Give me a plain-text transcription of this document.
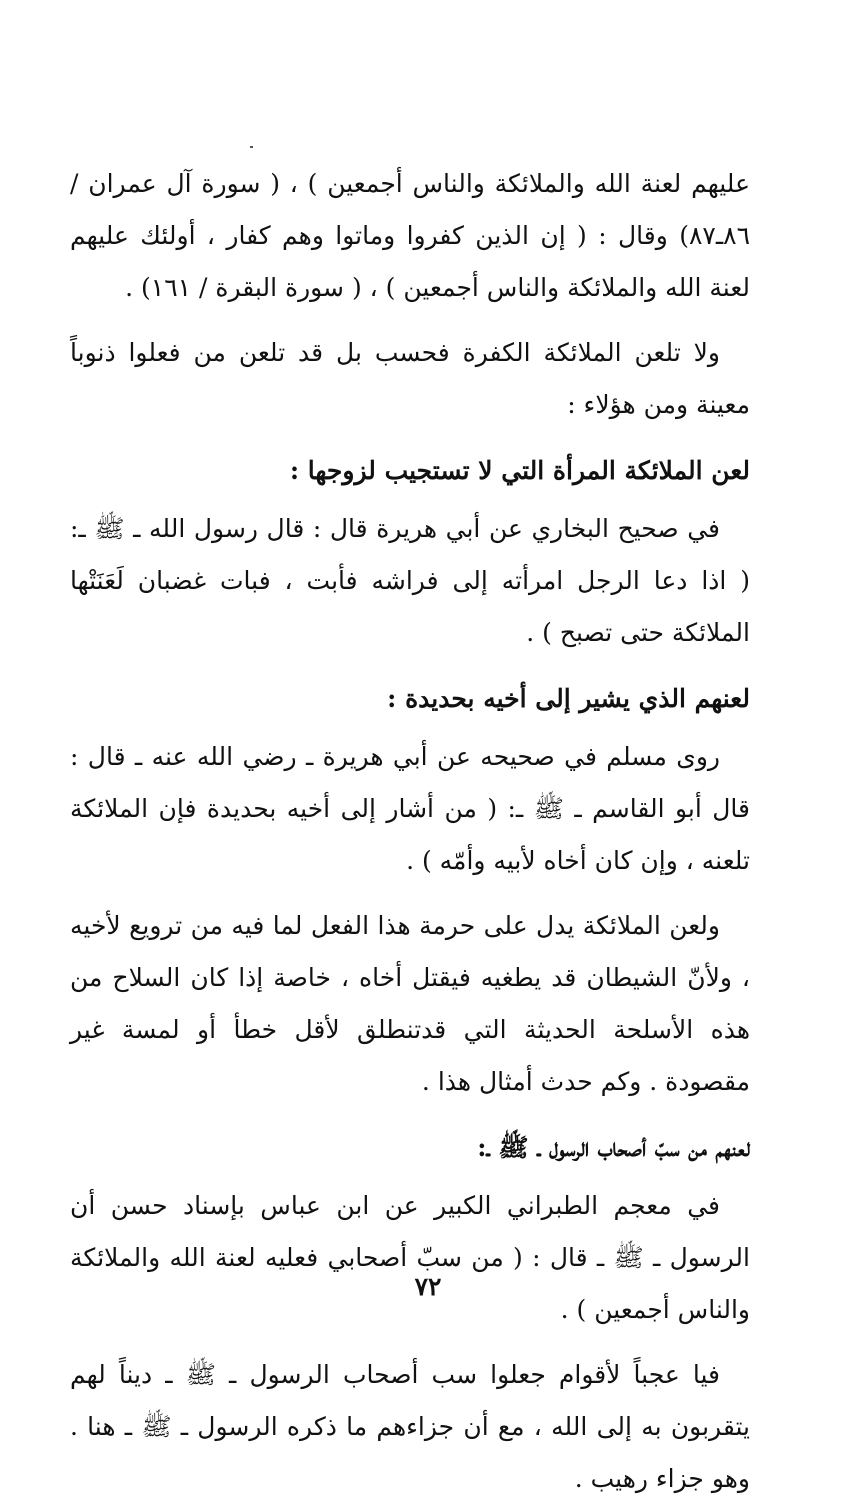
عليهم لعنة الله والملائكة والناس أجمعين ) ، ( سورة آل عمران / ٨٦ـ٨٧) وقال : ( إن الذين كفروا وماتوا وهم كفار ، أولئك عليهم لعنة الله والملائكة والناس أجمعين ) ، ( سورة البقرة / ١٦١) .

ولا تلعن الملائكة الكفرة فحسب بل قد تلعن من فعلوا ذنوباً معينة ومن هؤلاء :

لعن الملائكة المرأة التي لا تستجيب لزوجها :

في صحيح البخاري عن أبي هريرة قال : قال رسول الله ـ ﷺ ـ: ( اذا دعا الرجل امرأته إلى فراشه فأبت ، فبات غضبان لَعَنَتْها الملائكة حتى تصبح ) .

لعنهم الذي يشير إلى أخيه بحديدة :

روى مسلم في صحيحه عن أبي هريرة ـ رضي الله عنه ـ قال : قال أبو القاسم ـ ﷺ ـ: ( من أشار إلى أخيه بحديدة فإن الملائكة تلعنه ، وإن كان أخاه لأبيه وأمّه ) .

ولعن الملائكة يدل على حرمة هذا الفعل لما فيه من ترويع لأخيه ، ولأنّ الشيطان قد يطغيه فيقتل أخاه ، خاصة إذا كان السلاح من هذه الأسلحة الحديثة التي قدتنطلق لأقل خطأ أو لمسة غير مقصودة . وكم حدث أمثال هذا .

لعنهم من سبّ أصحاب الرسول ـ ﷺ ـ:

في معجم الطبراني الكبير عن ابن عباس بإسناد حسن أن الرسول ـ ﷺ ـ قال : ( من سبّ أصحابي فعليه لعنة الله والملائكة والناس أجمعين ) .

فيا عجباً لأقوام جعلوا سب أصحاب الرسول ـ ﷺ ـ ديناً لهم يتقربون به إلى الله ، مع أن جزاءهم ما ذكره الرسول ـ ﷺ ـ هنا . وهو جزاء رهيب .

٧٢
